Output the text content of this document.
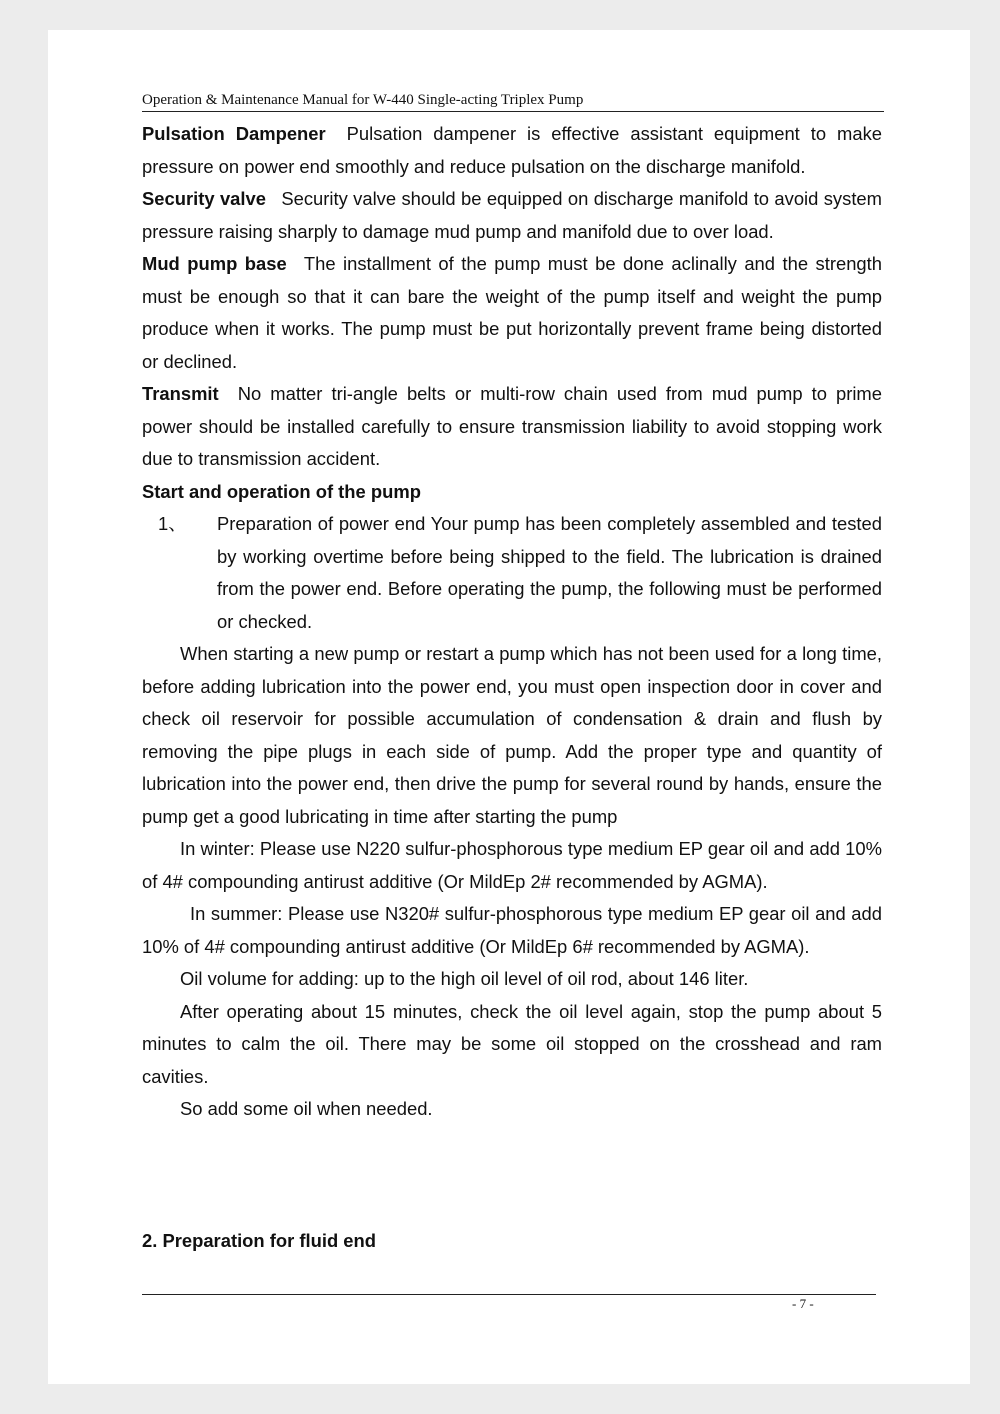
Operation & Maintenance Manual for W-440 Single-acting Triplex Pump

Pulsation Dampener Pulsation dampener is effective assistant equipment to make pressure on power end smoothly and reduce pulsation on the discharge manifold.

Security valve Security valve should be equipped on discharge manifold to avoid system pressure raising sharply to damage mud pump and manifold due to over load.

Mud pump base The installment of the pump must be done aclinally and the strength must be enough so that it can bare the weight of the pump itself and weight the pump produce when it works. The pump must be put horizontally prevent frame being distorted or declined.

Transmit No matter tri-angle belts or multi-row chain used from mud pump to prime power should be installed carefully to ensure transmission liability to avoid stopping work due to transmission accident.

Start and operation of the pump

1、	Preparation of power end Your pump has been completely assembled and tested by working overtime before being shipped to the field. The lubrication is drained from the power end. Before operating the pump, the following must be performed or checked.

When starting a new pump or restart a pump which has not been used for a long time, before adding lubrication into the power end, you must open inspection door in cover and check oil reservoir for possible accumulation of condensation & drain and flush by removing the pipe plugs in each side of pump. Add the proper type and quantity of lubrication into the power end, then drive the pump for several round by hands, ensure the pump get a good lubricating in time after starting the pump

In winter: Please use N220 sulfur-phosphorous type medium EP gear oil and add 10% of 4# compounding antirust additive (Or MildEp 2# recommended by AGMA).

In summer: Please use N320# sulfur-phosphorous type medium EP gear oil and add 10% of 4# compounding antirust additive (Or MildEp 6# recommended by AGMA).

Oil volume for adding: up to the high oil level of oil rod, about 146 liter.

After operating about 15 minutes, check the oil level again, stop the pump about 5 minutes to calm the oil. There may be some oil stopped on the crosshead and ram cavities.

So add some oil when needed.

2. Preparation for fluid end
- 7 -
